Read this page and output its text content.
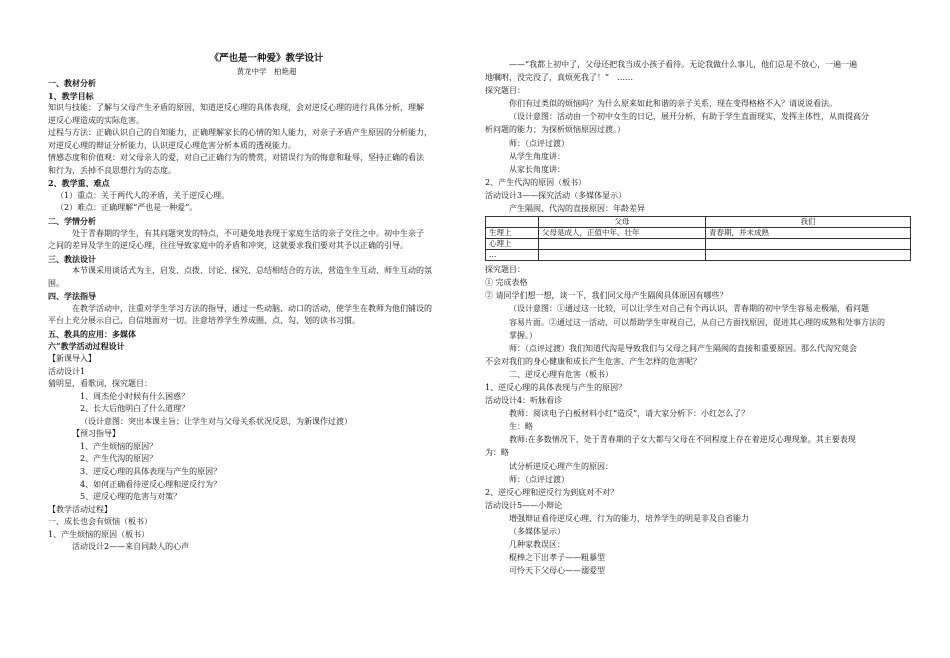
《严也是一种爱》教学设计
黄龙中学　柏艳超
一、教材分析
1、教学目标
知识与技能：了解与父母产生矛盾的原因，知道逆反心理的具体表现，会对逆反心理的进行具体分析，理解
逆反心理造成的实际危害。
过程与方法：正确认识自己的自知能力，正确理解家长的心情的知人能力，对亲子矛盾产生原因的分析能力，
对逆反心理的辩证分析能力，认识逆反心理危害分析本质的透视能力。
情感态度和价值观：对父母亲人的爱，对自己正确行为的赞赏，对错误行为的悔意和耻辱，坚持正确的看法
和行为，丢掉不良思想行为的态度。
2、教学重、难点
（1）重点：关于两代人的矛盾，关于逆反心理。
（2）难点：正确理解“严也是一种爱”。
二、学情分析
处于青春期的学生，有其问题突发的特点，不可避免地表现于家庭生活的亲子交往之中。初中生亲子
之间的差异及学生的逆反心理，往往导致家庭中的矛盾和冲突，这就要求我们要对其予以正确的引导。
三、教法设计
本节课采用谈话式为主，启发、点拨、讨论、探究、总结相结合的方法，营造生生互动、师生互动的氛
围。
四、学法指导
在教学活动中，注重对学生学习方法的指导，通过一些动脑、动口的活动，使学生在教师为他们铺设的
平台上充分展示自己，自信地面对一切。注意培养学生养成圈、点、勾、划的读书习惯。
五、教具的应用：多媒体
六“教学活动过程设计
【新课导入】
活动设计1
猜明星，看歌词，探究题目：
1、周杰伦小时候有什么困惑？
2、长大后他明白了什么道理？
（设计意图：突出本课主旨；让学生对与父母关系状况反思，为新课作过渡）
【预习指导】
1、产生烦恼的原因？
2、产生代沟的原因？
3、逆反心理的具体表现与产生的原因？
4、如何正确看待逆反心理和逆反行为？
5、逆反心理的危害与对策？
【教学活动过程】
一、成长也会有烦恼（板书）
1、产生烦恼的原因（板书）
活动设计2——来自同龄人的心声
——“我都上初中了，父母还把我当成小孩子看待。无论我做什么事儿，他们总是不放心，一遍一遍
地嘱咐，没完没了，真烦死我了！”　……
探究题目：
你们有过类似的烦恼吗？为什么原来如此和谐的亲子关系，现在变得格格不入？请说说看法。
（设计意图：活动由一个初中女生的日记，展开分析，有助于学生直面现实，发挥主体性，从而提高分
析问题的能力；为探析烦恼原因过渡。）
师：（点评过渡）
从学生角度讲：
从家长角度讲：
2、产生代沟的原因（板书）
活动设计3——探究活动（多媒体显示）
产生隔阂、代沟的直接原因：年龄差异
	父母	我们
生理上	父母是成人，正值中年、壮年	青春期，并未成熟
心理上		
…		
探究题目：
① 完成表格
② 请同学们想一想，谈一下，我们同父母产生隔阂具体原因有哪些？
（设计意图：①通过这一比较，可以让学生对自己有个再认识，青春期的初中学生容易走极端，看问题
容易片面。②通过这一活动，可以帮助学生审视自己，从自己方面找原因，促进其心理的成熟和处事方法的
掌握。）
师：（点评过渡）我们知道代沟是导致我们与父母之间产生隔阂的直接和重要原因。那么代沟究竟会
不会对我们的身心健康和成长产生危害、产生怎样的危害呢？
二、逆反心理有危害（板书）
1、逆反心理的具体表现与产生的原因？
活动设计4：听脉看诊
教师：阅读电子白板材料小红“造反”，请大家分析下：小红怎么了？
生：略
教师:在多数情况下，处于青春期的子女大都与父母在不同程度上存在着逆反心理现象。其主要表现
为：略
试分析逆反心理产生的原因：
师：（点评过渡）
2、逆反心理和逆反行为到底对不对？
活动设计5——小辩论
增强辩证看待逆反心理、行为的能力，培养学生的明是非及自省能力
（多媒体显示）
几种家教误区：
棍棒之下出孝子——粗暴型
可怜天下父母心——溺爱型
